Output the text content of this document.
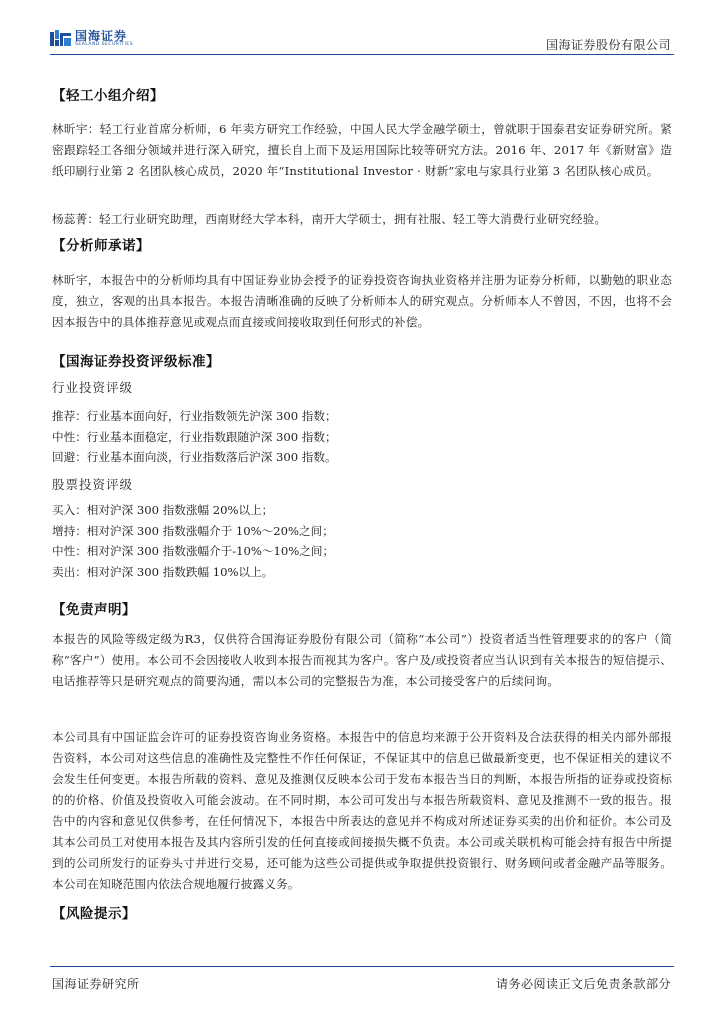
国海证券
SEALAND SECURITIES	国海证券股份有限公司
【轻工小组介绍】
林昕宇：轻工行业首席分析师，6 年卖方研究工作经验，中国人民大学金融学硕士，曾就职于国泰君安证券研究所。紧密跟踪轻工各细分领域并进行深入研究，擅长自上而下及运用国际比较等研究方法。2016 年、2017 年《新财富》造纸印刷行业第 2 名团队核心成员，2020 年“Institutional Investor · 财新”家电与家具行业第 3 名团队核心成员。
杨蕊菁：轻工行业研究助理，西南财经大学本科，南开大学硕士，拥有社服、轻工等大消费行业研究经验。
【分析师承诺】
林昕宇，本报告中的分析师均具有中国证券业协会授予的证券投资咨询执业资格并注册为证券分析师，以勤勉的职业态度，独立，客观的出具本报告。本报告清晰准确的反映了分析师本人的研究观点。分析师本人不曾因，不因，也将不会因本报告中的具体推荐意见或观点而直接或间接收取到任何形式的补偿。
【国海证券投资评级标准】
行业投资评级
推荐：行业基本面向好，行业指数领先沪深 300 指数；
中性：行业基本面稳定，行业指数跟随沪深 300 指数；
回避：行业基本面向淡，行业指数落后沪深 300 指数。
股票投资评级
买入：相对沪深 300 指数涨幅 20%以上；
增持：相对沪深 300 指数涨幅介于 10%～20%之间；
中性：相对沪深 300 指数涨幅介于-10%～10%之间；
卖出：相对沪深 300 指数跌幅 10%以上。
【免责声明】
本报告的风险等级定级为R3，仅供符合国海证券股份有限公司（简称“本公司”）投资者适当性管理要求的的客户（简称“客户”）使用。本公司不会因接收人收到本报告而视其为客户。客户及/或投资者应当认识到有关本报告的短信提示、电话推荐等只是研究观点的简要沟通，需以本公司的完整报告为准，本公司接受客户的后续问询。
本公司具有中国证监会许可的证券投资咨询业务资格。本报告中的信息均来源于公开资料及合法获得的相关内部外部报告资料，本公司对这些信息的准确性及完整性不作任何保证，不保证其中的信息已做最新变更，也不保证相关的建议不会发生任何变更。本报告所载的资料、意见及推测仅反映本公司于发布本报告当日的判断，本报告所指的证券或投资标的的价格、价值及投资收入可能会波动。在不同时期，本公司可发出与本报告所载资料、意见及推测不一致的报告。报告中的内容和意见仅供参考，在任何情况下，本报告中所表达的意见并不构成对所述证券买卖的出价和征价。本公司及其本公司员工对使用本报告及其内容所引发的任何直接或间接损失概不负责。本公司或关联机构可能会持有报告中所提到的公司所发行的证券头寸并进行交易，还可能为这些公司提供或争取提供投资银行、财务顾问或者金融产品等服务。本公司在知晓范围内依法合规地履行披露义务。
【风险提示】
国海证券研究所	请务必阅读正文后免责条款部分
